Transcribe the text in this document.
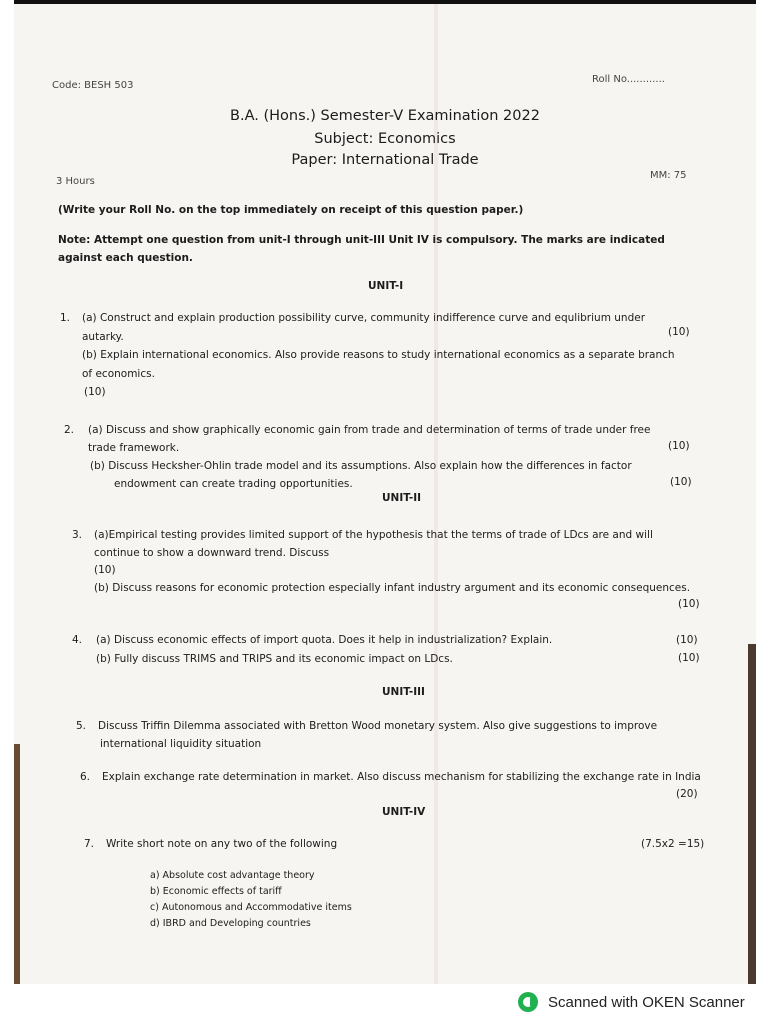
Code: BESH 503
Roll No............
B.A. (Hons.) Semester-V Examination 2022
Subject: Economics
Paper: International Trade
3 Hours
MM: 75
(Write your Roll No. on the top immediately on receipt of this question paper.)
Note: Attempt one question from unit-I through unit-III Unit IV is compulsory. The marks are indicated
against each question.
UNIT-I
1. (a) Construct and explain production possibility curve, community indifference curve and equlibrium under
autarky.	(10)
(b) Explain international economics. Also provide reasons to study international economics as a separate branch
of economics.
(10)
2. (a) Discuss and show graphically economic gain from trade and determination of terms of trade under free
trade framework.	(10)
(b) Discuss Hecksher-Ohlin trade model and its assumptions. Also explain how the differences in factor
endowment can create trading opportunities.	(10)
UNIT-II
3. (a)Empirical testing provides limited support of the hypothesis that the terms of trade of LDcs are and will
continue to show a downward trend. Discuss
(10)
(b) Discuss reasons for economic protection especially infant industry argument and its economic consequences.
(10)
4. (a) Discuss economic effects of import quota. Does it help in industrialization? Explain.	(10)
(b) Fully discuss TRIMS and TRIPS and its economic impact on LDcs.	(10)
UNIT-III
5. Discuss Triffin Dilemma associated with Bretton Wood monetary system. Also give suggestions to improve
international liquidity situation
6. Explain exchange rate determination in market. Also discuss mechanism for stabilizing the exchange rate in India
(20)
UNIT-IV
7. Write short note on any two of the following	(7.5x2 =15)
a) Absolute cost advantage theory
b) Economic effects of tariff
c) Autonomous and Accommodative items
d) IBRD and Developing countries
Scanned with OKEN Scanner
